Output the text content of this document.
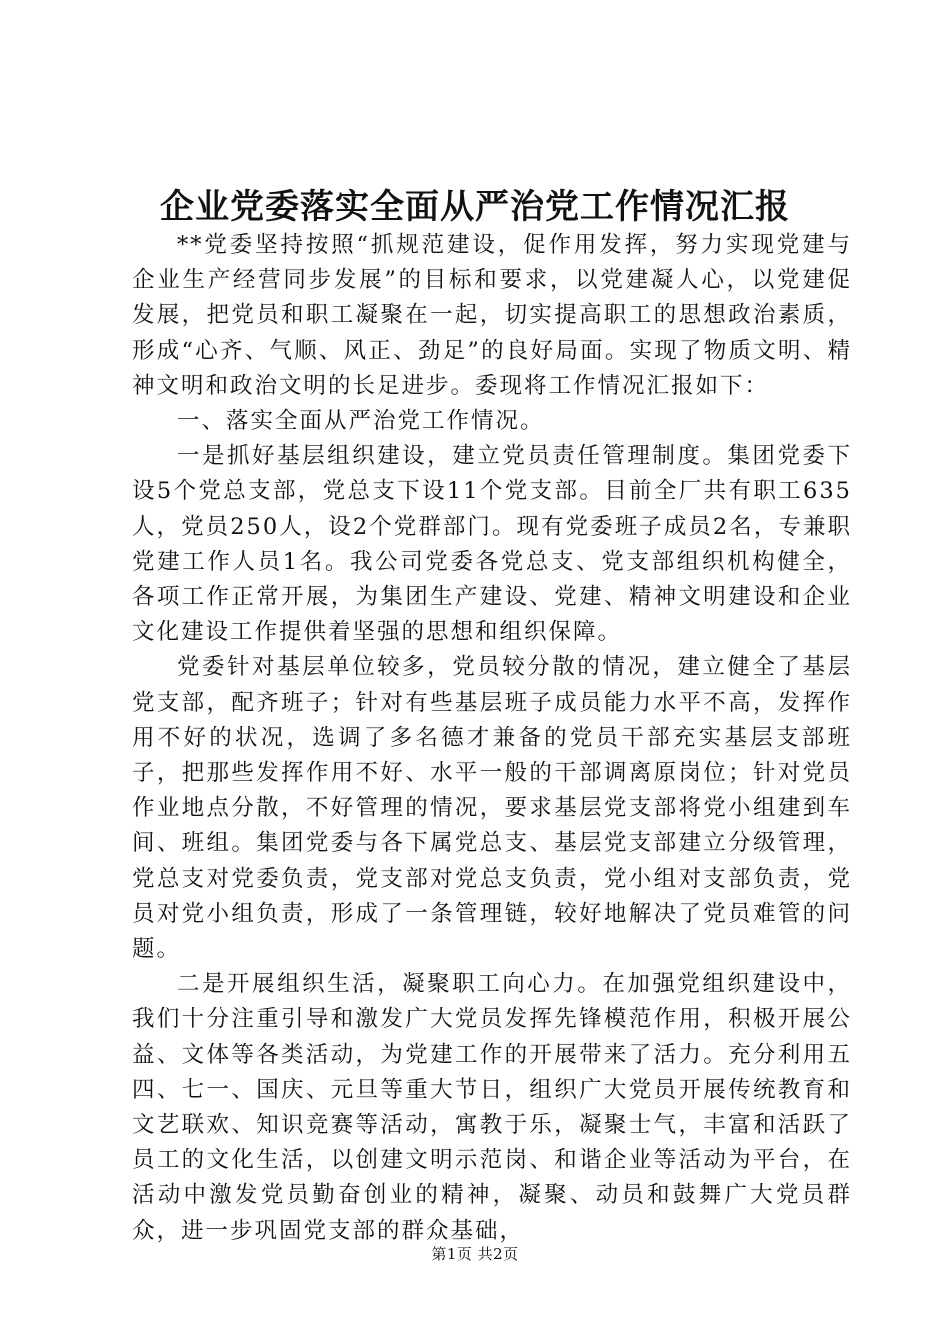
企业党委落实全面从严治党工作情况汇报

**党委坚持按照“抓规范建设，促作用发挥，努力实现党建与企业生产经营同步发展”的目标和要求，以党建凝人心，以党建促发展，把党员和职工凝聚在一起，切实提高职工的思想政治素质，形成“心齐、气顺、风正、劲足”的良好局面。实现了物质文明、精神文明和政治文明的长足进步。委现将工作情况汇报如下：

一、落实全面从严治党工作情况。

一是抓好基层组织建设，建立党员责任管理制度。集团党委下设5个党总支部，党总支下设11个党支部。目前全厂共有职工635人，党员250人，设2个党群部门。现有党委班子成员2名，专兼职党建工作人员1名。我公司党委各党总支、党支部组织机构健全，各项工作正常开展，为集团生产建设、党建、精神文明建设和企业文化建设工作提供着坚强的思想和组织保障。

党委针对基层单位较多，党员较分散的情况，建立健全了基层党支部，配齐班子；针对有些基层班子成员能力水平不高，发挥作用不好的状况，选调了多名德才兼备的党员干部充实基层支部班子，把那些发挥作用不好、水平一般的干部调离原岗位；针对党员作业地点分散，不好管理的情况，要求基层党支部将党小组建到车间、班组。集团党委与各下属党总支、基层党支部建立分级管理，党总支对党委负责，党支部对党总支负责，党小组对支部负责，党员对党小组负责，形成了一条管理链，较好地解决了党员难管的问题。

二是开展组织生活，凝聚职工向心力。在加强党组织建设中，我们十分注重引导和激发广大党员发挥先锋模范作用，积极开展公益、文体等各类活动，为党建工作的开展带来了活力。充分利用五四、七一、国庆、元旦等重大节日，组织广大党员开展传统教育和文艺联欢、知识竞赛等活动，寓教于乐，凝聚士气，丰富和活跃了员工的文化生活，以创建文明示范岗、和谐企业等活动为平台，在活动中激发党员勤奋创业的精神，凝聚、动员和鼓舞广大党员群众，进一步巩固党支部的群众基础，

第1页 共2页
